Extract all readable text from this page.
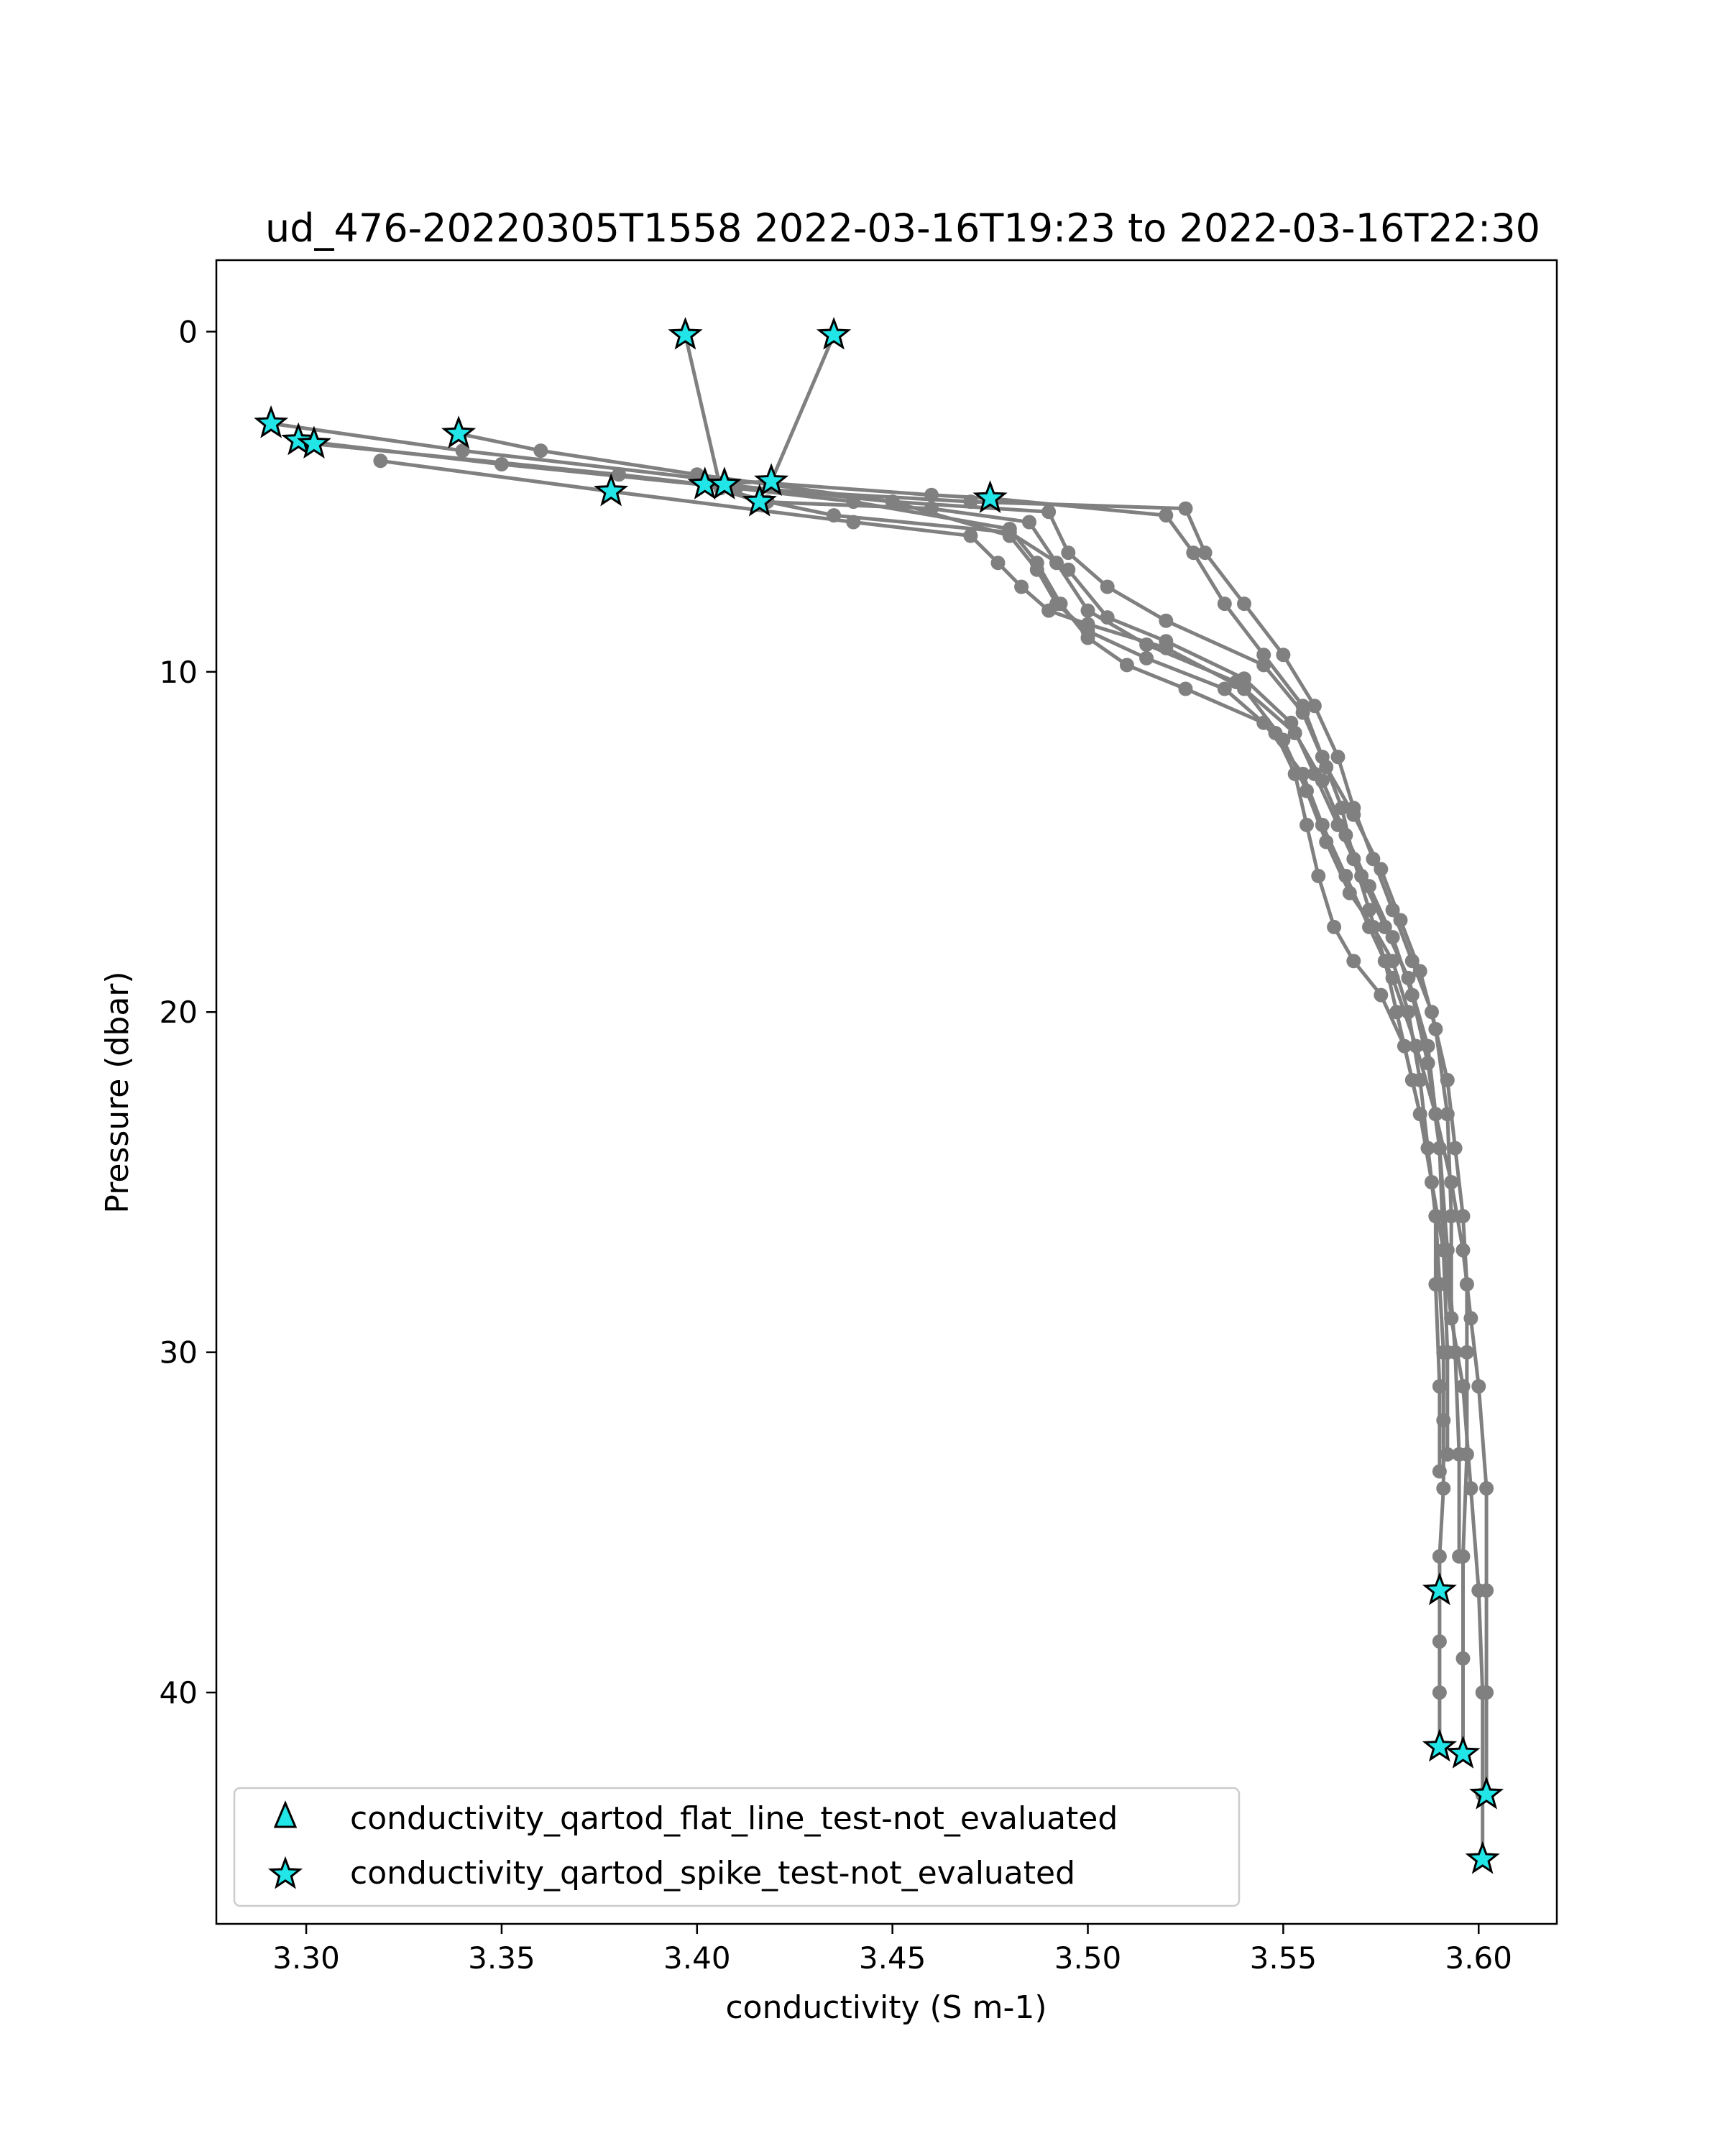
ud_476-20220305T1558 2022-03-16T19:23 to 2022-03-16T22:30
3.30	3.35	3.40	3.45	3.50	3.55	3.60
0
10
20
30
40
conductivity (S m-1)
Pressure (dbar)
conductivity_qartod_flat_line_test-not_evaluated
conductivity_qartod_spike_test-not_evaluated
